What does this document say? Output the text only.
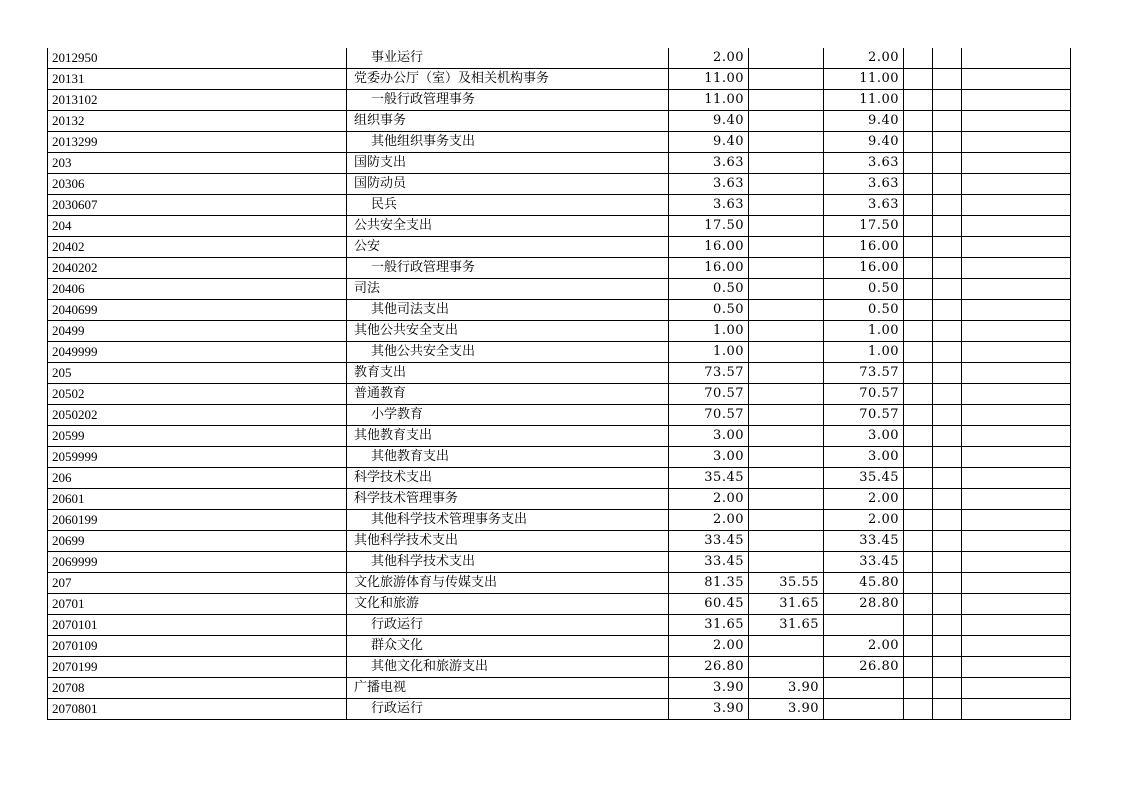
2012950	事业运行	2.00		2.00			
20131	党委办公厅（室）及相关机构事务	11.00		11.00			
2013102	一般行政管理事务	11.00		11.00			
20132	组织事务	9.40		9.40			
2013299	其他组织事务支出	9.40		9.40			
203	国防支出	3.63		3.63			
20306	国防动员	3.63		3.63			
2030607	民兵	3.63		3.63			
204	公共安全支出	17.50		17.50			
20402	公安	16.00		16.00			
2040202	一般行政管理事务	16.00		16.00			
20406	司法	0.50		0.50			
2040699	其他司法支出	0.50		0.50			
20499	其他公共安全支出	1.00		1.00			
2049999	其他公共安全支出	1.00		1.00			
205	教育支出	73.57		73.57			
20502	普通教育	70.57		70.57			
2050202	小学教育	70.57		70.57			
20599	其他教育支出	3.00		3.00			
2059999	其他教育支出	3.00		3.00			
206	科学技术支出	35.45		35.45			
20601	科学技术管理事务	2.00		2.00			
2060199	其他科学技术管理事务支出	2.00		2.00			
20699	其他科学技术支出	33.45		33.45			
2069999	其他科学技术支出	33.45		33.45			
207	文化旅游体育与传媒支出	81.35	35.55	45.80			
20701	文化和旅游	60.45	31.65	28.80			
2070101	行政运行	31.65	31.65				
2070109	群众文化	2.00		2.00			
2070199	其他文化和旅游支出	26.80		26.80			
20708	广播电视	3.90	3.90				
2070801	行政运行	3.90	3.90				
